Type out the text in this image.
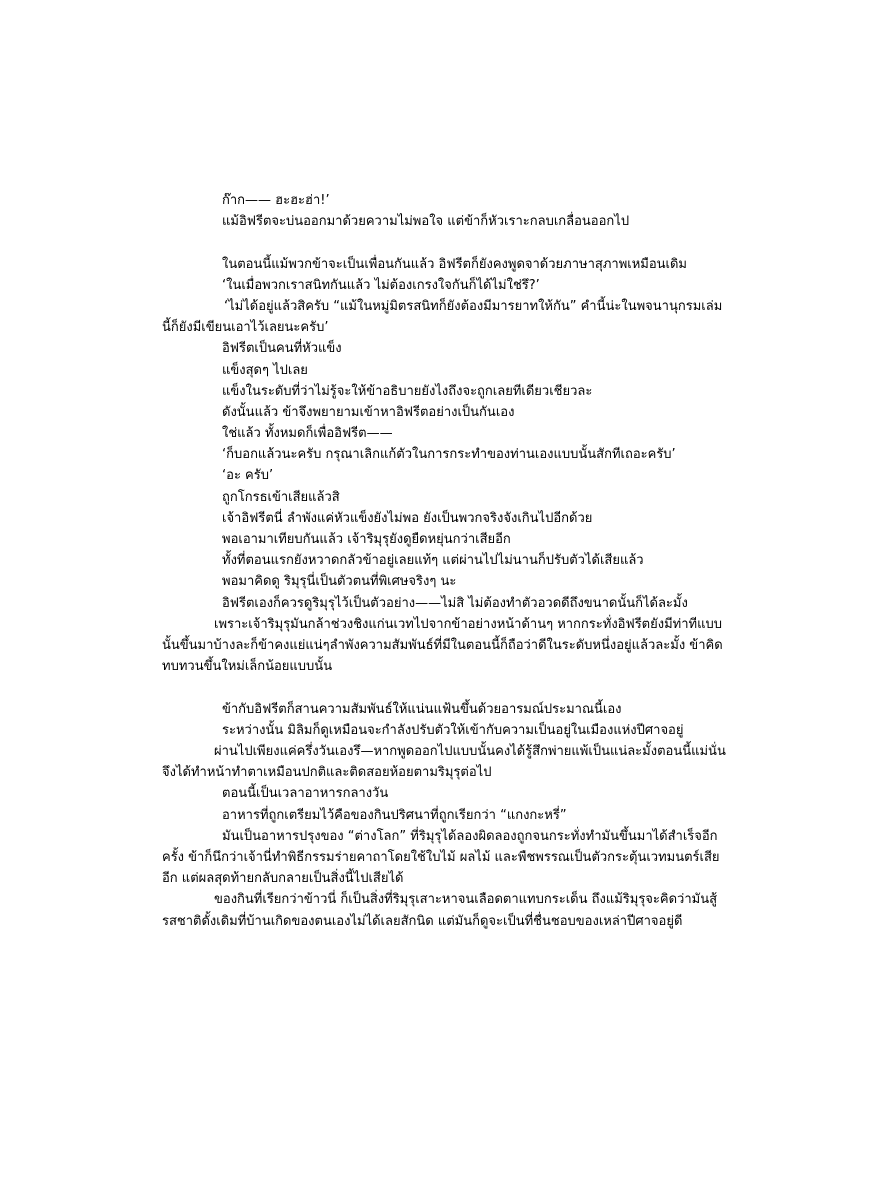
ก๊าก—— ฮะฮะฮ่า!’
แม้อิฟรีตจะบ่นออกมาด้วยความไม่พอใจ แต่ข้าก็หัวเราะกลบเกลื่อนออกไป
ในตอนนี้แม้พวกข้าจะเป็นเพื่อนกันแล้ว อิฟรีตก็ยังคงพูดจาด้วยภาษาสุภาพเหมือนเดิม
‘ในเมื่อพวกเราสนิทกันแล้ว ไม่ต้องเกรงใจกันก็ได้ไม่ใช่รึ?’
‘ไม่ได้อยู่แล้วสิครับ “แม้ในหมู่มิตรสนิทก็ยังต้องมีมารยาทให้กัน” คำนี้น่ะในพจนานุกรมเล่มนี้ก็ยังมีเขียนเอาไว้เลยนะครับ’
อิฟรีตเป็นคนที่หัวแข็ง
แข็งสุดๆ ไปเลย
แข็งในระดับที่ว่าไม่รู้จะให้ข้าอธิบายยังไงถึงจะถูกเลยทีเดียวเชียวละ
ดังนั้นแล้ว ข้าจึงพยายามเข้าหาอิฟรีตอย่างเป็นกันเอง
ใช่แล้ว ทั้งหมดก็เพื่ออิฟรีต——
‘ก็บอกแล้วนะครับ กรุณาเลิกแก้ตัวในการกระทำของท่านเองแบบนั้นสักทีเถอะครับ’
‘อะ ครับ’
ถูกโกรธเข้าเสียแล้วสิ
เจ้าอิฟรีตนี่ ลำพังแค่หัวแข็งยังไม่พอ ยังเป็นพวกจริงจังเกินไปอีกด้วย
พอเอามาเทียบกันแล้ว เจ้าริมุรุยังดูยืดหยุ่นกว่าเสียอีก
ทั้งที่ตอนแรกยังหวาดกลัวข้าอยู่เลยแท้ๆ แต่ผ่านไปไม่นานก็ปรับตัวได้เสียแล้ว
พอมาคิดดู ริมุรุนี่เป็นตัวตนที่พิเศษจริงๆ นะ
อิฟรีตเองก็ควรดูริมุรุไว้เป็นตัวอย่าง——ไม่สิ ไม่ต้องทำตัวอวดดีถึงขนาดนั้นก็ได้ละมั้ง
เพราะเจ้าริมุรุมันกล้าช่วงชิงแก่นเวทไปจากข้าอย่างหน้าด้านๆ หากกระทั่งอิฟรีตยังมีท่าทีแบบนั้นขึ้นมาบ้างละก็ข้าคงแย่แน่ๆลำพังความสัมพันธ์ที่มีในตอนนี้ก็ถือว่าดีในระดับหนึ่งอยู่แล้วละมั้ง ข้าคิดทบทวนขึ้นใหม่เล็กน้อยแบบนั้น
ข้ากับอิฟรีตก็สานความสัมพันธ์ให้แน่นแฟ้นขึ้นด้วยอารมณ์ประมาณนี้เอง
ระหว่างนั้น มิลิมก็ดูเหมือนจะกำลังปรับตัวให้เข้ากับความเป็นอยู่ในเมืองแห่งปีศาจอยู่
ผ่านไปเพียงแค่ครึ่งวันเองรึ—หากพูดออกไปแบบนั้นคงได้รู้สึกพ่ายแพ้เป็นแน่ละมั้งตอนนี้แม่นั่นจึงได้ทำหน้าทำตาเหมือนปกติและติดสอยห้อยตามริมุรุต่อไป
ตอนนี้เป็นเวลาอาหารกลางวัน
อาหารที่ถูกเตรียมไว้คือของกินปริศนาที่ถูกเรียกว่า “แกงกะหรี่”
มันเป็นอาหารปรุงของ “ต่างโลก” ที่ริมุรุได้ลองผิดลองถูกจนกระทั่งทำมันขึ้นมาได้สำเร็จอีกครั้ง ข้าก็นึกว่าเจ้านี่ทำพิธีกรรมร่ายคาถาโดยใช้ใบไม้ ผลไม้ และพืชพรรณเป็นตัวกระตุ้นเวทมนตร์เสียอีก แต่ผลสุดท้ายกลับกลายเป็นสิ่งนี้ไปเสียได้
ของกินที่เรียกว่าข้าวนี่ ก็เป็นสิ่งที่ริมุรุเสาะหาจนเลือดตาแทบกระเด็น ถึงแม้ริมุรุจะคิดว่ามันสู้รสชาติดั้งเดิมที่บ้านเกิดของตนเองไม่ได้เลยสักนิด แต่มันก็ดูจะเป็นที่ชื่นชอบของเหล่าปีศาจอยู่ดี
